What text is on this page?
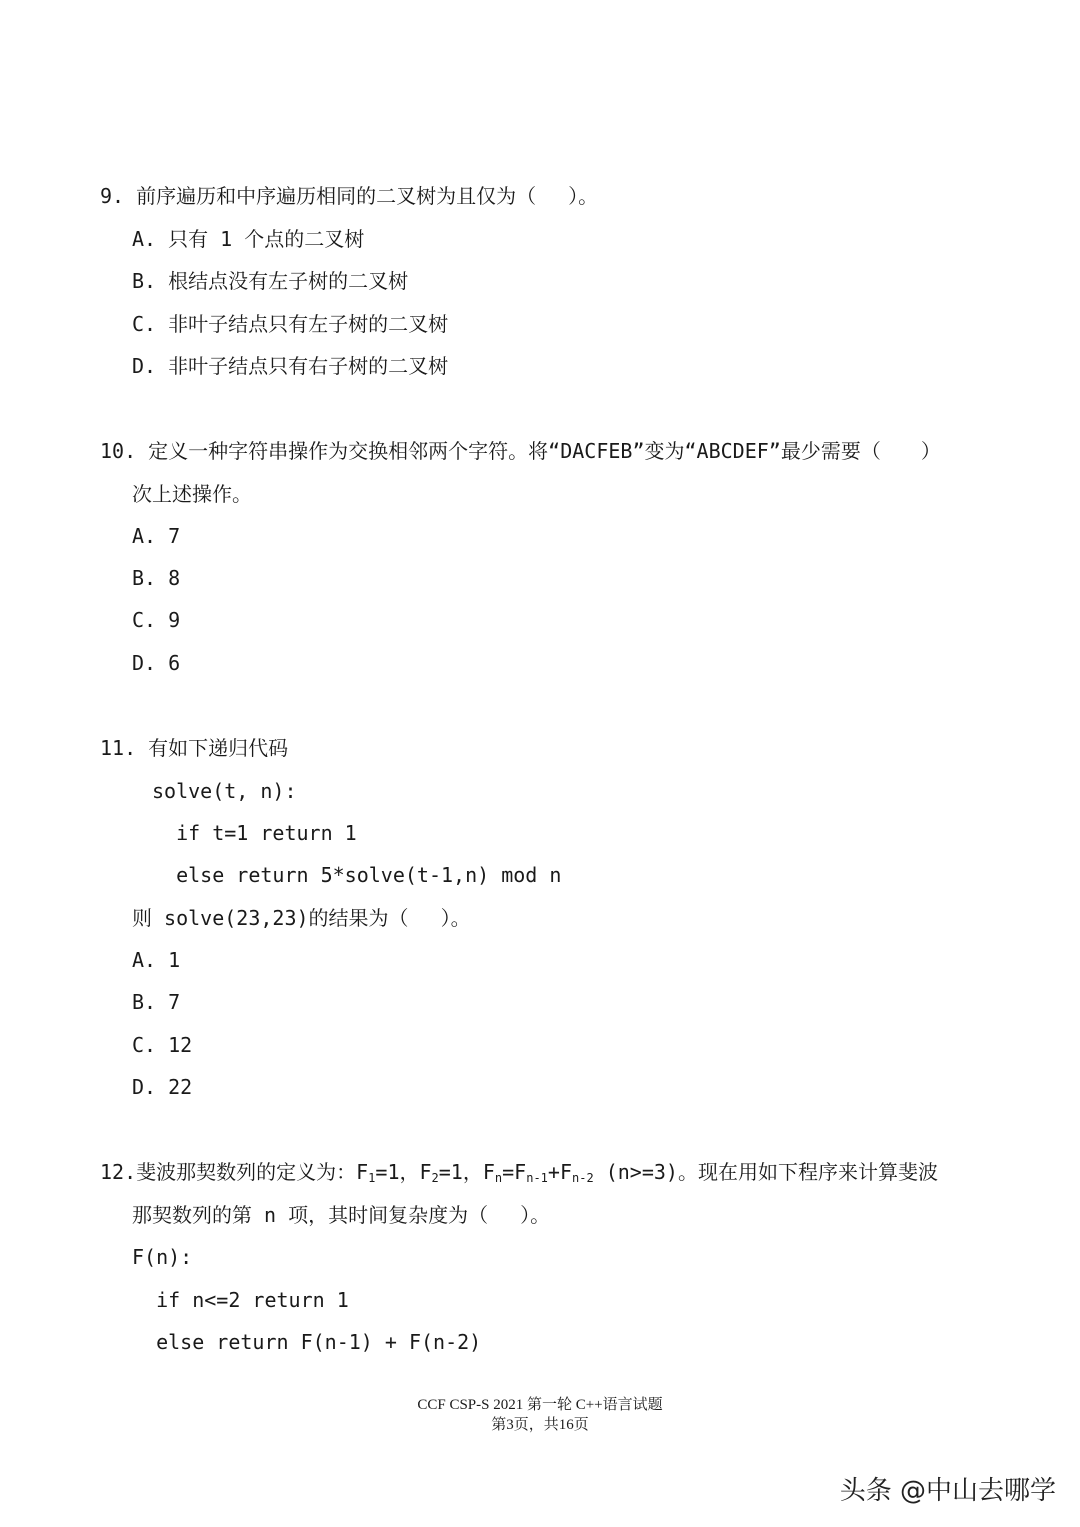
9. 前序遍历和中序遍历相同的二叉树为且仅为（　 ）。
A. 只有 1 个点的二叉树
B. 根结点没有左子树的二叉树
C. 非叶子结点只有左子树的二叉树
D. 非叶子结点只有右子树的二叉树
10. 定义一种字符串操作为交换相邻两个字符。将“DACFEB”变为“ABCDEF”最少需要（　　）
次上述操作。
A. 7
B. 8
C. 9
D. 6
11. 有如下递归代码
solve(t, n):
if t=1 return 1
else return 5*solve(t-1,n) mod n
则 solve(23,23)的结果为（　 ）。
A. 1
B. 7
C. 12
D. 22
12.斐波那契数列的定义为：$F_1=1$，$F_2=1$，$F_n=F_{n-1}+F_{n-2}$ (n>=3)。现在用如下程序来计算斐波
那契数列的第 n 项，其时间复杂度为（　 ）。
F(n):
if n<=2 return 1
else return F(n-1) + F(n-2)
CCF CSP-S 2021 第一轮 C++语言试题
第3页，共16页
头条 @中山去哪学
